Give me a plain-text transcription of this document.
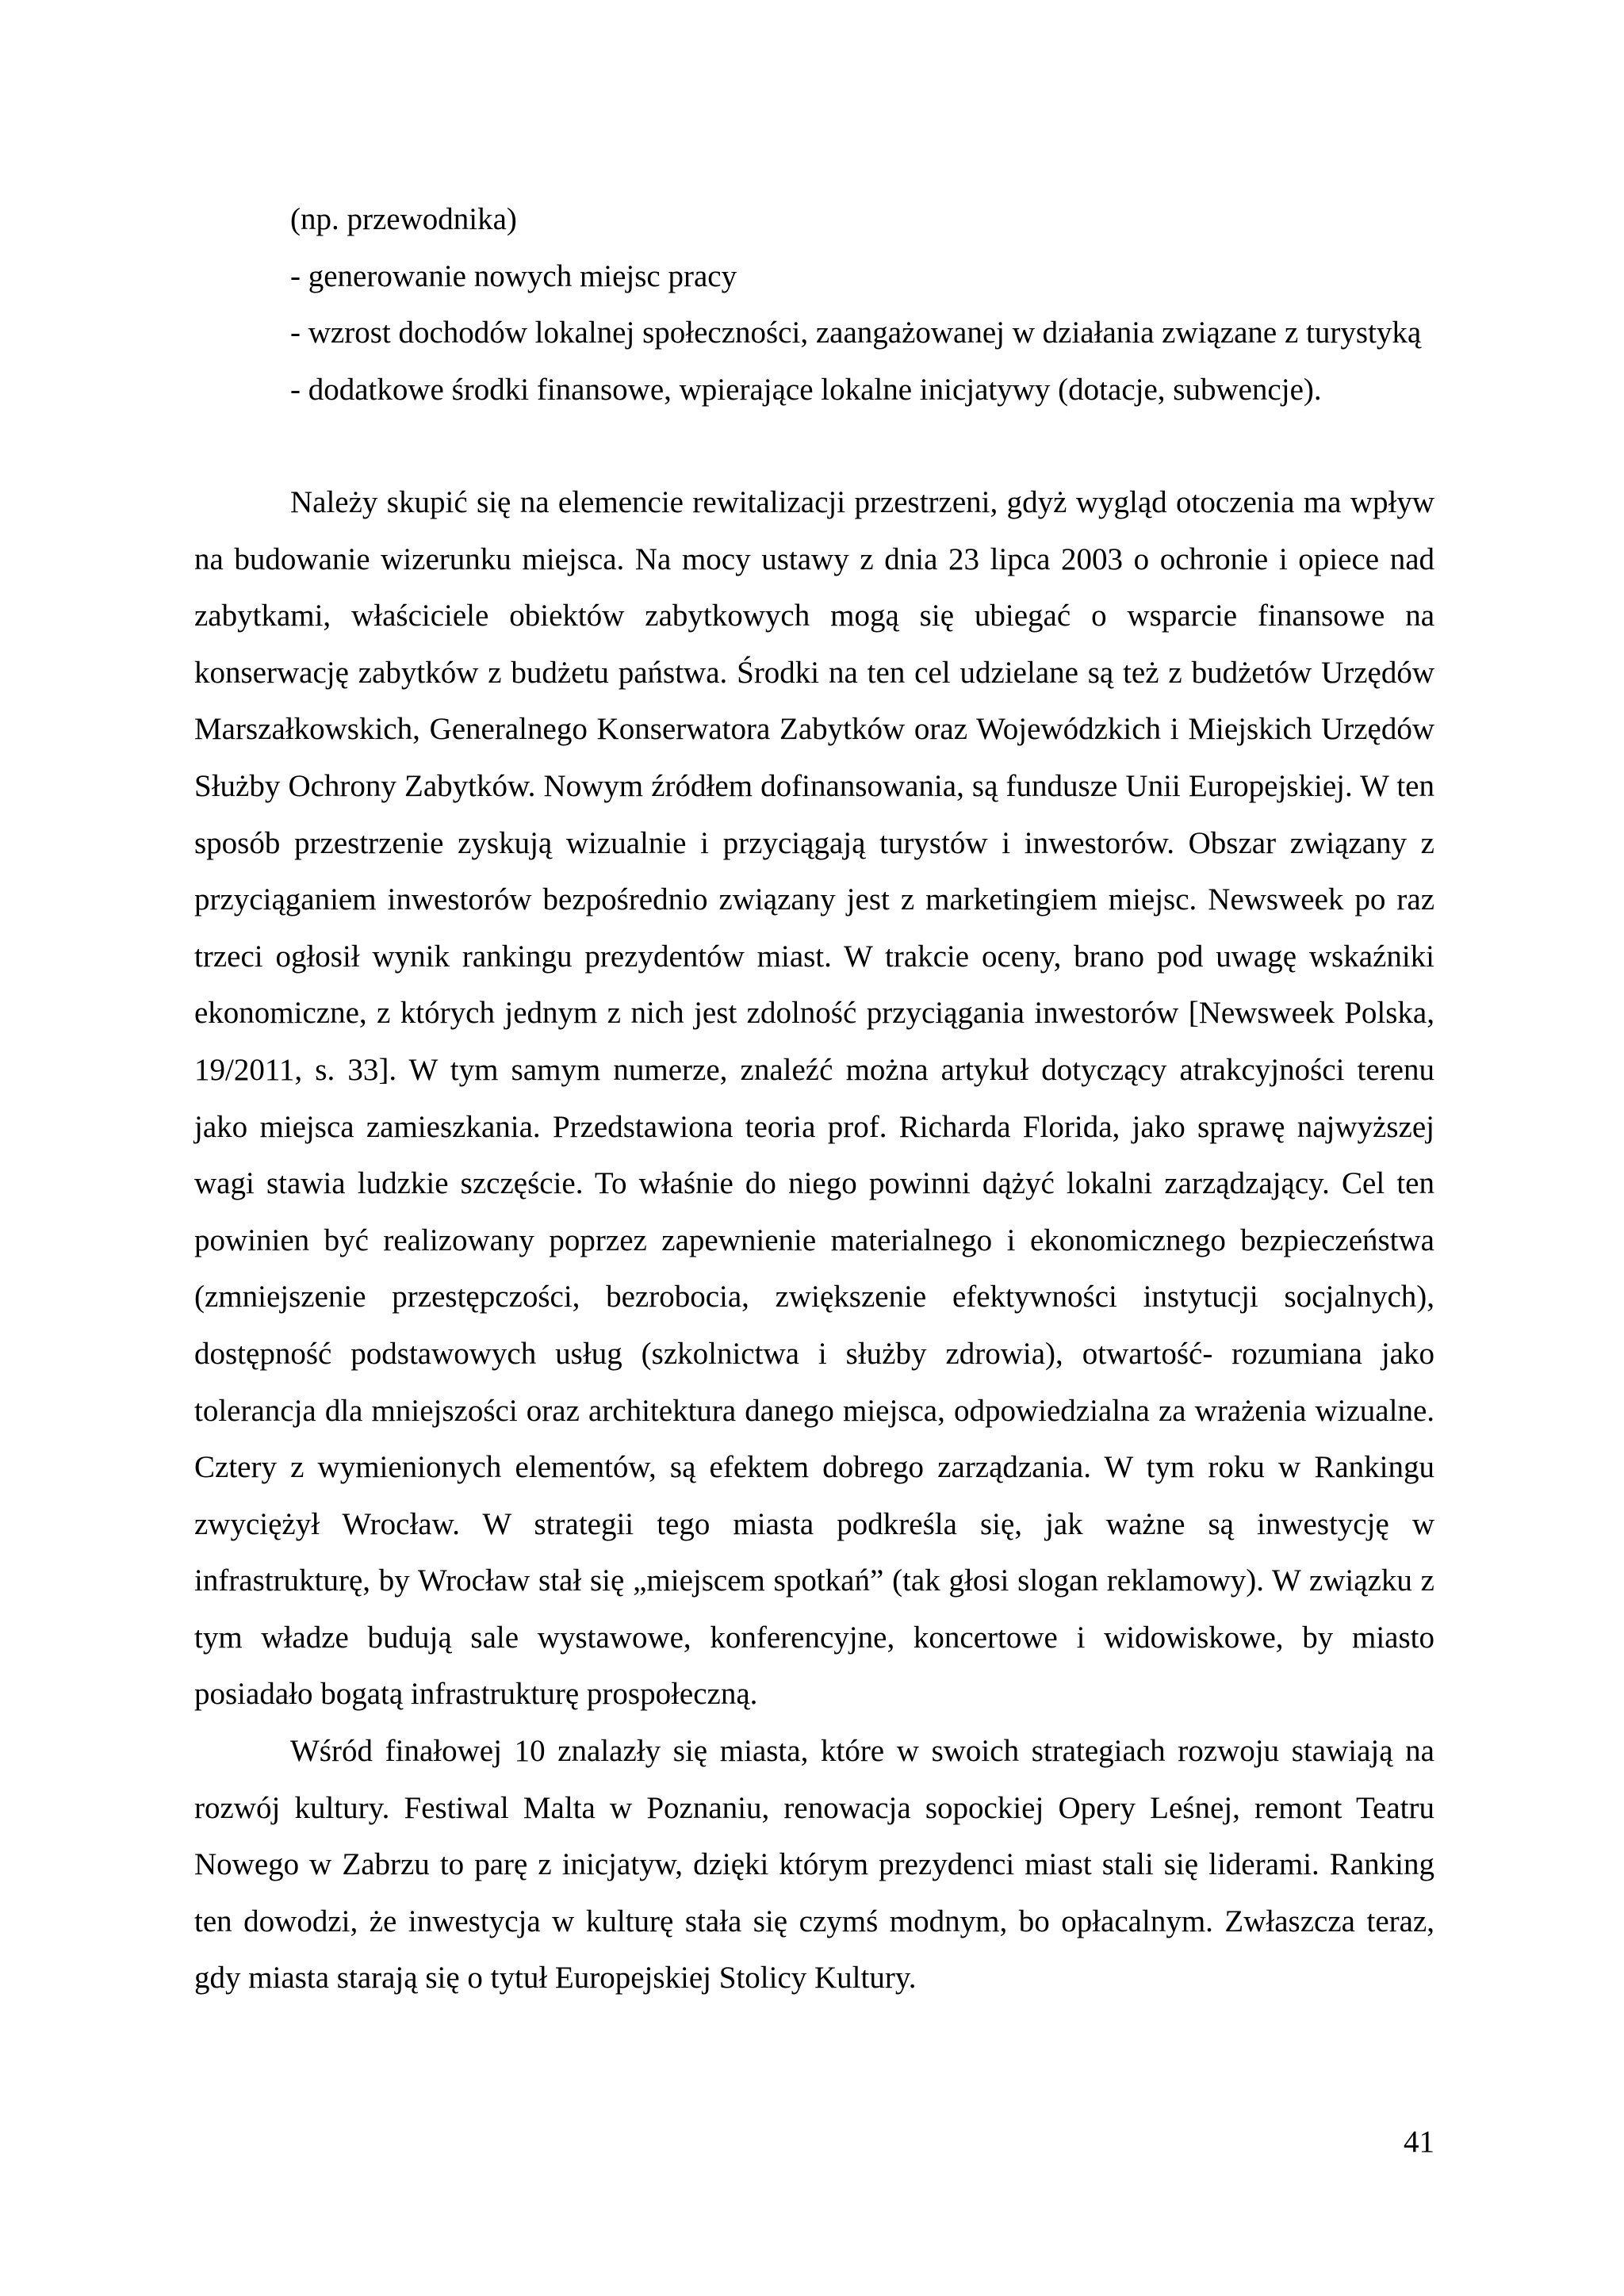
(np. przewodnika)
- generowanie nowych miejsc pracy
- wzrost dochodów lokalnej społeczności, zaangażowanej w działania związane z turystyką
- dodatkowe środki finansowe, wpierające lokalne inicjatywy (dotacje, subwencje).

Należy skupić się na elemencie rewitalizacji przestrzeni, gdyż wygląd otoczenia ma wpływ na budowanie wizerunku miejsca. Na mocy ustawy z dnia 23 lipca 2003 o ochronie i opiece nad zabytkami, właściciele obiektów zabytkowych mogą się ubiegać o wsparcie finansowe na konserwację zabytków z budżetu państwa. Środki na ten cel udzielane są też z budżetów Urzędów Marszałkowskich, Generalnego Konserwatora Zabytków oraz Wojewódzkich i Miejskich Urzędów Służby Ochrony Zabytków. Nowym źródłem dofinansowania, są fundusze Unii Europejskiej. W ten sposób przestrzenie zyskują wizualnie i przyciągają turystów i inwestorów. Obszar związany z przyciąganiem inwestorów bezpośrednio związany jest z marketingiem miejsc. Newsweek po raz trzeci ogłosił wynik rankingu prezydentów miast. W trakcie oceny, brano pod uwagę wskaźniki ekonomiczne, z których jednym z nich jest zdolność przyciągania inwestorów [Newsweek Polska, 19/2011, s. 33]. W tym samym numerze, znaleźć można artykuł dotyczący atrakcyjności terenu jako miejsca zamieszkania. Przedstawiona teoria prof. Richarda Florida, jako sprawę najwyższej wagi stawia ludzkie szczęście. To właśnie do niego powinni dążyć lokalni zarządzający. Cel ten powinien być realizowany poprzez zapewnienie materialnego i ekonomicznego bezpieczeństwa (zmniejszenie przestępczości, bezrobocia, zwiększenie efektywności instytucji socjalnych), dostępność podstawowych usług (szkolnictwa i służby zdrowia), otwartość- rozumiana jako tolerancja dla mniejszości oraz architektura danego miejsca, odpowiedzialna za wrażenia wizualne. Cztery z wymienionych elementów, są efektem dobrego zarządzania. W tym roku w Rankingu zwyciężył Wrocław. W strategii tego miasta podkreśla się, jak ważne są inwestycję w infrastrukturę, by Wrocław stał się „miejscem spotkań” (tak głosi slogan reklamowy). W związku z tym władze budują sale wystawowe, konferencyjne, koncertowe i widowiskowe, by miasto posiadało bogatą infrastrukturę prospołeczną.

Wśród finałowej 10 znalazły się miasta, które w swoich strategiach rozwoju stawiają na rozwój kultury. Festiwal Malta w Poznaniu, renowacja sopockiej Opery Leśnej, remont Teatru Nowego w Zabrzu to parę z inicjatyw, dzięki którym prezydenci miast stali się liderami. Ranking ten dowodzi, że inwestycja w kulturę stała się czymś modnym, bo opłacalnym. Zwłaszcza teraz, gdy miasta starają się o tytuł Europejskiej Stolicy Kultury.

41
